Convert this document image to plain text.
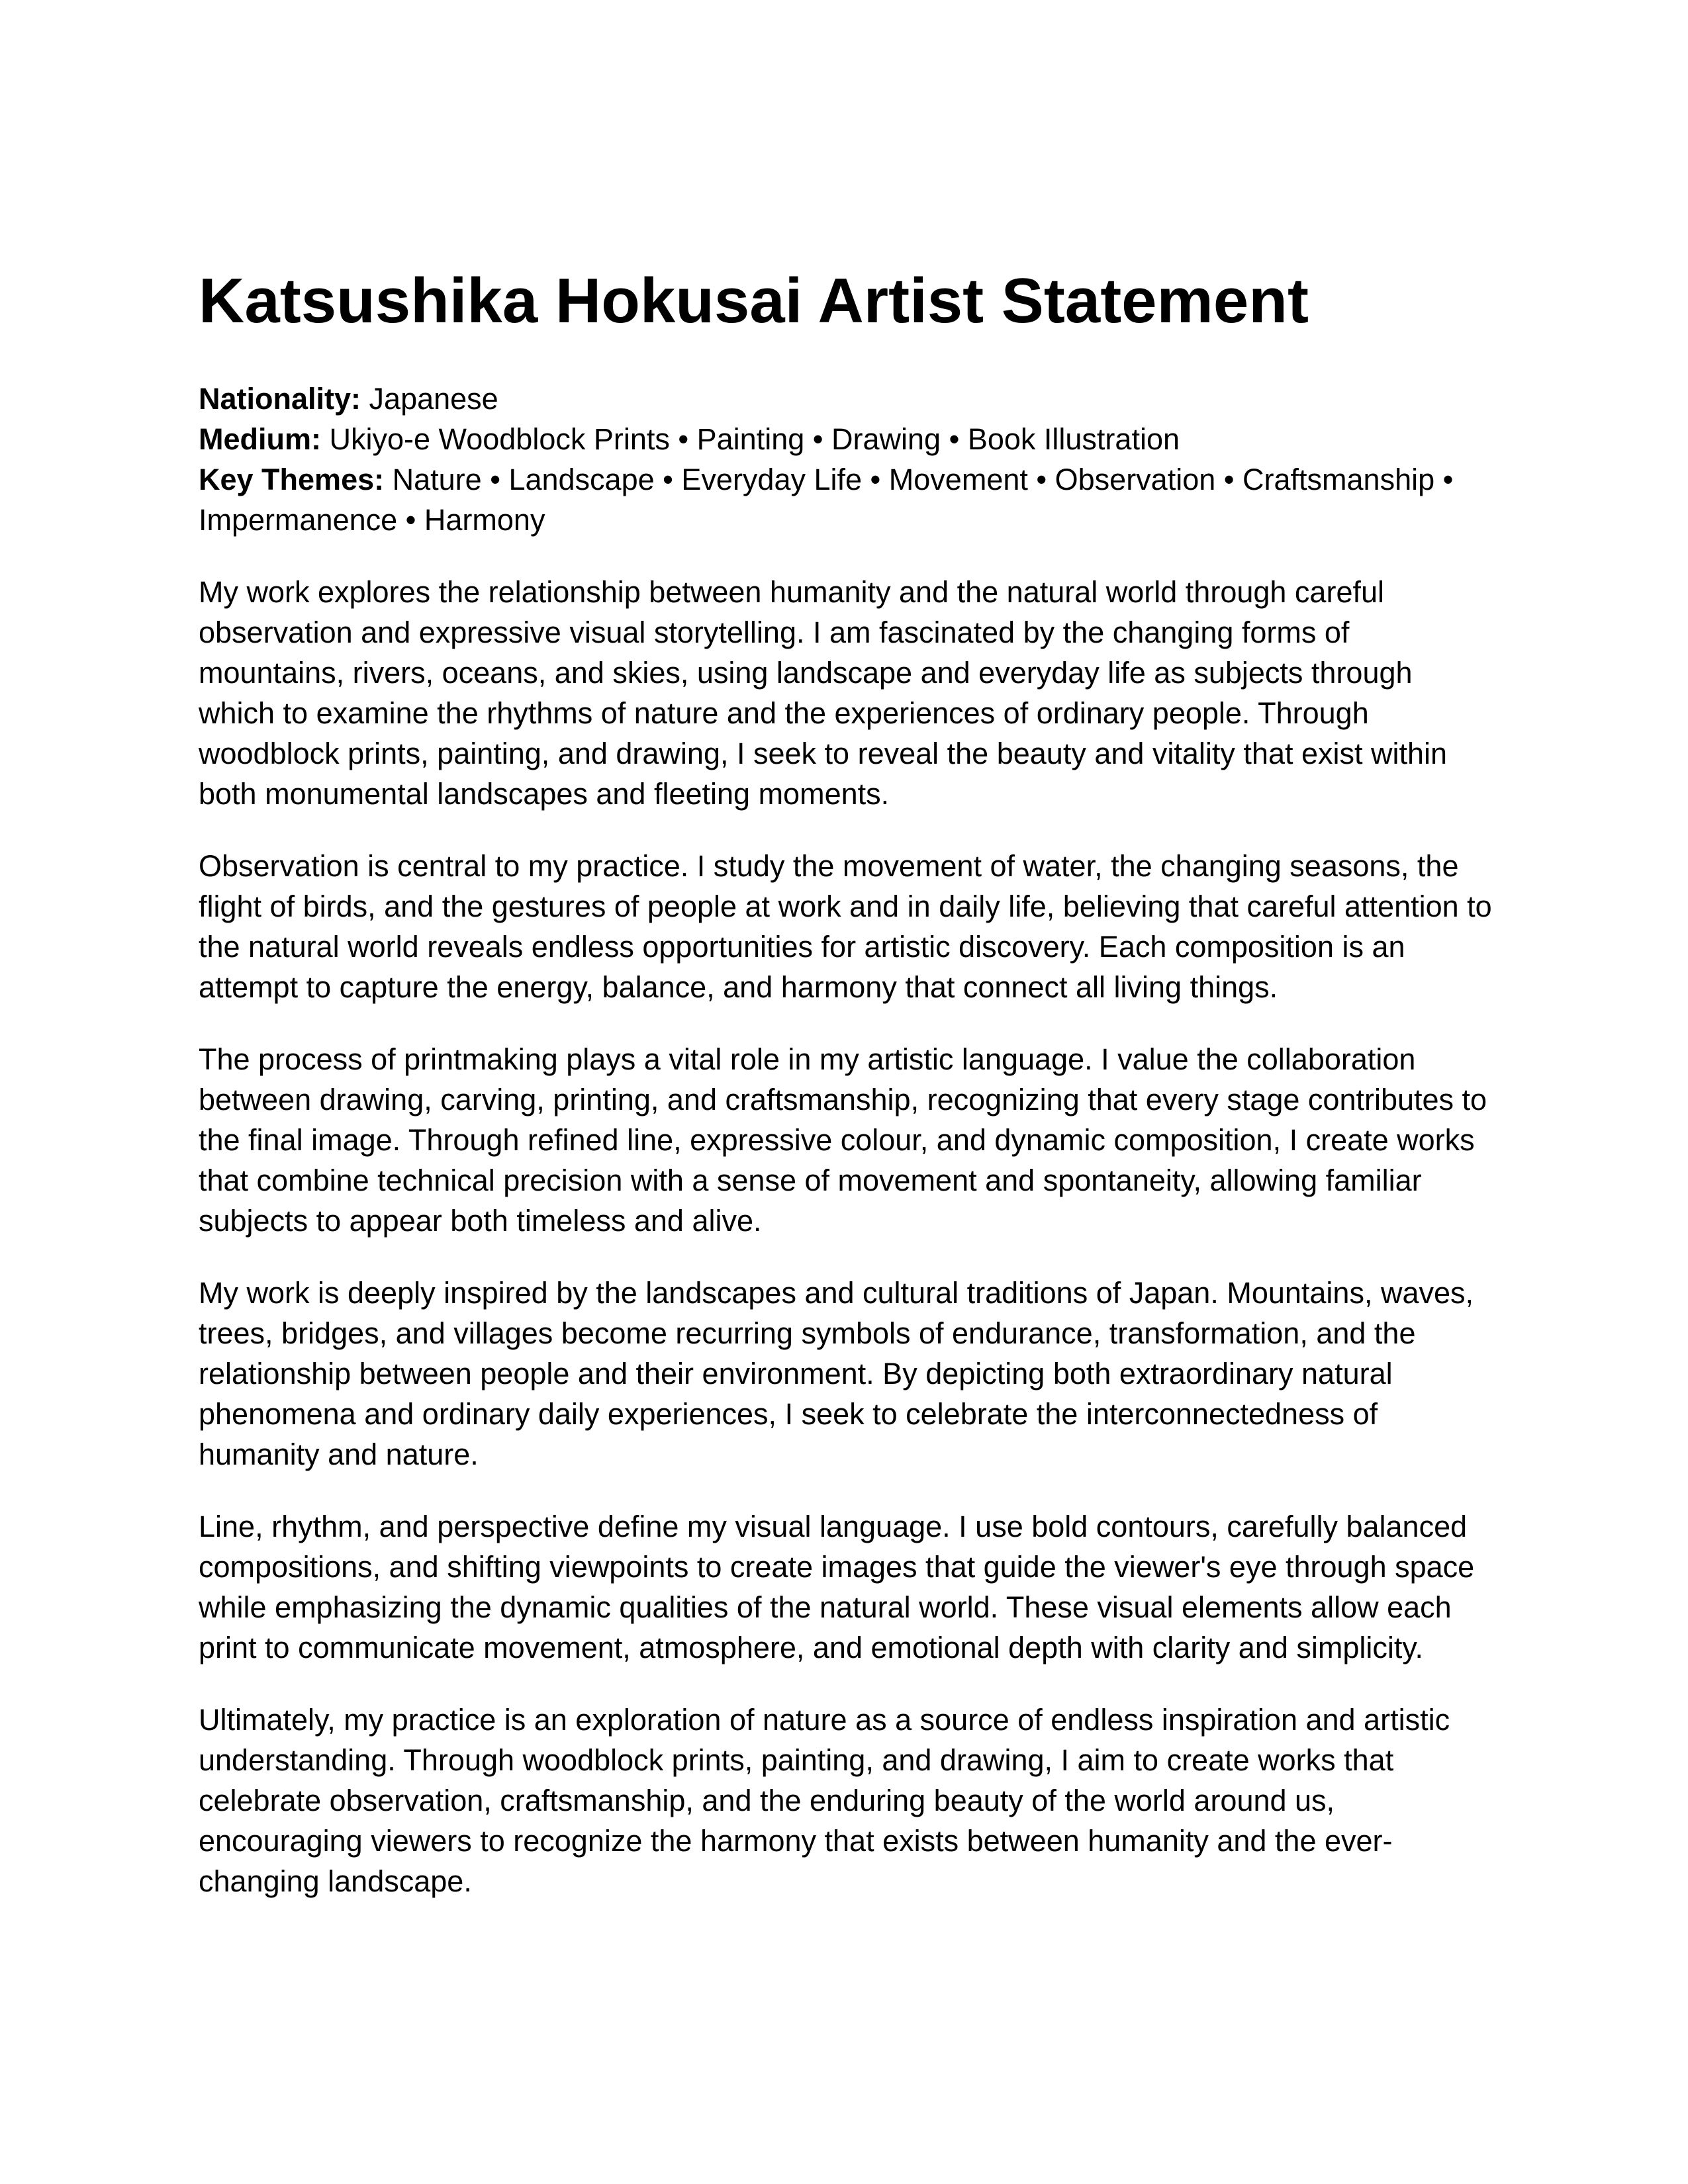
Katsushika Hokusai Artist Statement
Nationality: Japanese
Medium: Ukiyo-e Woodblock Prints • Painting • Drawing • Book Illustration
Key Themes: Nature • Landscape • Everyday Life • Movement • Observation • Craftsmanship • Impermanence • Harmony

My work explores the relationship between humanity and the natural world through careful observation and expressive visual storytelling. I am fascinated by the changing forms of mountains, rivers, oceans, and skies, using landscape and everyday life as subjects through which to examine the rhythms of nature and the experiences of ordinary people. Through woodblock prints, painting, and drawing, I seek to reveal the beauty and vitality that exist within both monumental landscapes and fleeting moments.

Observation is central to my practice. I study the movement of water, the changing seasons, the flight of birds, and the gestures of people at work and in daily life, believing that careful attention to the natural world reveals endless opportunities for artistic discovery. Each composition is an attempt to capture the energy, balance, and harmony that connect all living things.

The process of printmaking plays a vital role in my artistic language. I value the collaboration between drawing, carving, printing, and craftsmanship, recognizing that every stage contributes to the final image. Through refined line, expressive colour, and dynamic composition, I create works that combine technical precision with a sense of movement and spontaneity, allowing familiar subjects to appear both timeless and alive.

My work is deeply inspired by the landscapes and cultural traditions of Japan. Mountains, waves, trees, bridges, and villages become recurring symbols of endurance, transformation, and the relationship between people and their environment. By depicting both extraordinary natural phenomena and ordinary daily experiences, I seek to celebrate the interconnectedness of humanity and nature.

Line, rhythm, and perspective define my visual language. I use bold contours, carefully balanced compositions, and shifting viewpoints to create images that guide the viewer's eye through space while emphasizing the dynamic qualities of the natural world. These visual elements allow each print to communicate movement, atmosphere, and emotional depth with clarity and simplicity.

Ultimately, my practice is an exploration of nature as a source of endless inspiration and artistic understanding. Through woodblock prints, painting, and drawing, I aim to create works that celebrate observation, craftsmanship, and the enduring beauty of the world around us, encouraging viewers to recognize the harmony that exists between humanity and the ever-changing landscape.
